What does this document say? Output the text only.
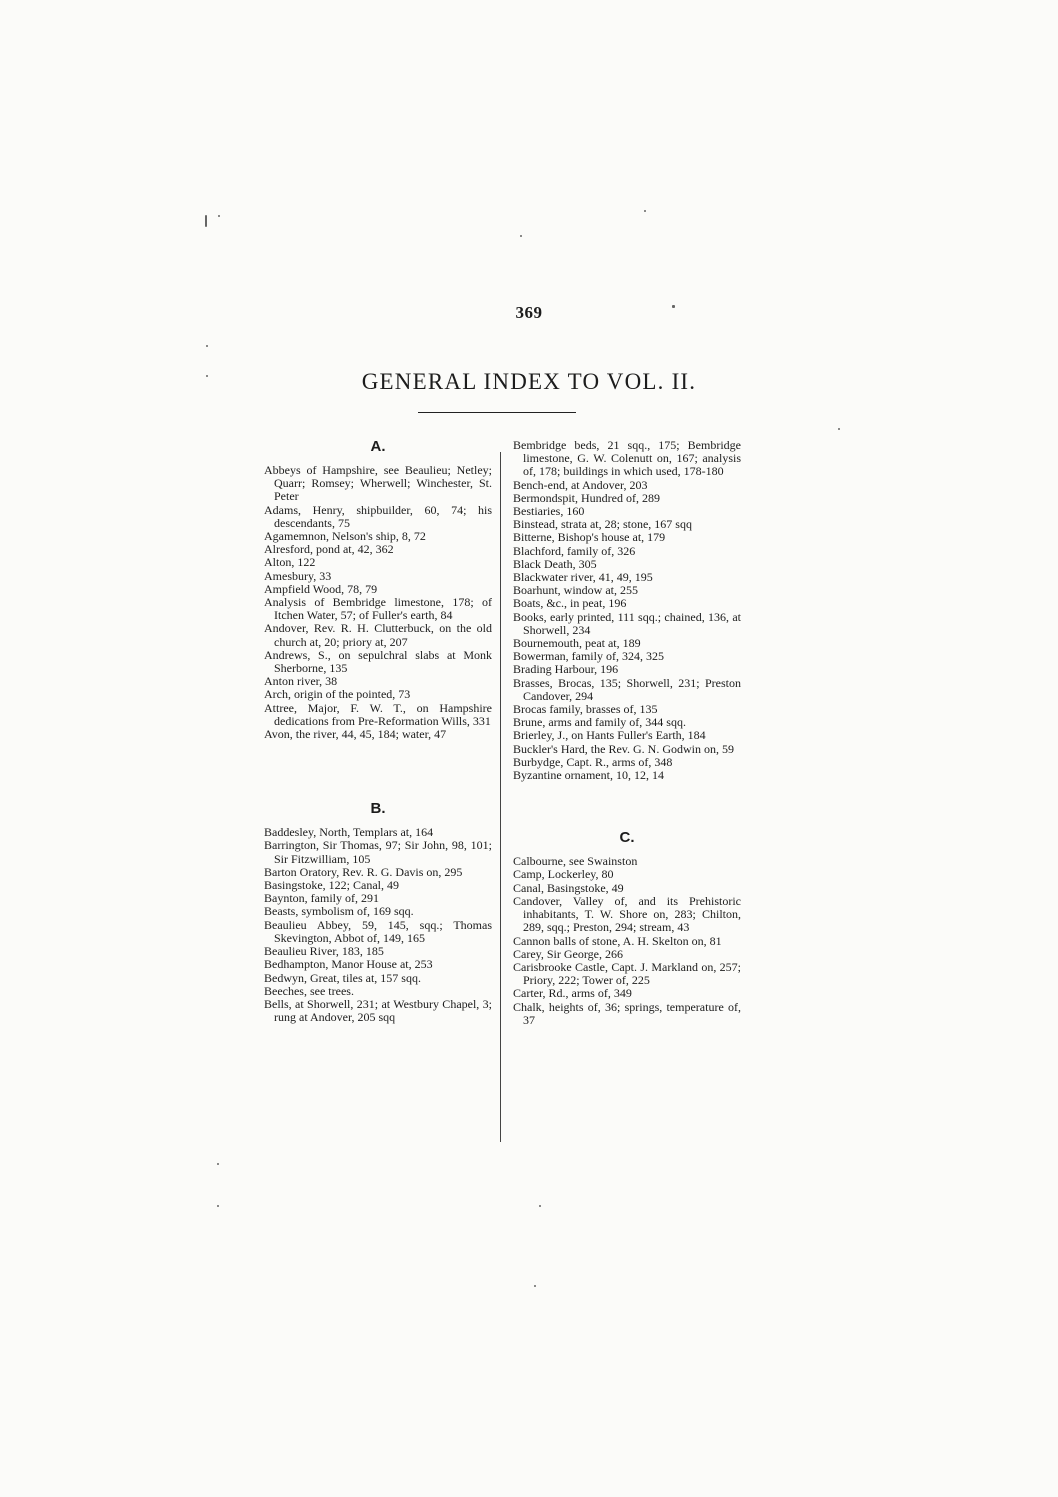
369
GENERAL INDEX TO VOL. II.
A.
Abbeys of Hampshire, see Beaulieu; Netley; Quarr; Romsey; Wherwell; Winchester, St. Peter
Adams, Henry, shipbuilder, 60, 74; his descendants, 75
Agamemnon, Nelson's ship, 8, 72
Alresford, pond at, 42, 362
Alton, 122
Amesbury, 33
Ampfield Wood, 78, 79
Analysis of Bembridge limestone, 178; of Itchen Water, 57; of Fuller's earth, 84
Andover, Rev. R. H. Clutterbuck, on the old church at, 20; priory at, 207
Andrews, S., on sepulchral slabs at Monk Sherborne, 135
Anton river, 38
Arch, origin of the pointed, 73
Attree, Major, F. W. T., on Hampshire dedications from Pre-Reformation Wills, 331
Avon, the river, 44, 45, 184; water, 47
B.
Baddesley, North, Templars at, 164
Barrington, Sir Thomas, 97; Sir John, 98, 101; Sir Fitzwilliam, 105
Barton Oratory, Rev. R. G. Davis on, 295
Basingstoke, 122; Canal, 49
Baynton, family of, 291
Beasts, symbolism of, 169 sqq.
Beaulieu Abbey, 59, 145, sqq.; Thomas Skevington, Abbot of, 149, 165
Beaulieu River, 183, 185
Bedhampton, Manor House at, 253
Bedwyn, Great, tiles at, 157 sqq.
Beeches, see trees.
Bells, at Shorwell, 231; at Westbury Chapel, 3; rung at Andover, 205 sqq
Bembridge beds, 21 sqq., 175; Bembridge limestone, G. W. Colenutt on, 167; analysis of, 178; buildings in which used, 178-180
Bench-end, at Andover, 203
Bermondspit, Hundred of, 289
Bestiaries, 160
Binstead, strata at, 28; stone, 167 sqq
Bitterne, Bishop's house at, 179
Blachford, family of, 326
Black Death, 305
Blackwater river, 41, 49, 195
Boarhunt, window at, 255
Boats, &c., in peat, 196
Books, early printed, 111 sqq.; chained, 136, at Shorwell, 234
Bournemouth, peat at, 189
Bowerman, family of, 324, 325
Brading Harbour, 196
Brasses, Brocas, 135; Shorwell, 231; Preston Candover, 294
Brocas family, brasses of, 135
Brune, arms and family of, 344 sqq.
Brierley, J., on Hants Fuller's Earth, 184
Buckler's Hard, the Rev. G. N. Godwin on, 59
Burbydge, Capt. R., arms of, 348
Byzantine ornament, 10, 12, 14
C.
Calbourne, see Swainston
Camp, Lockerley, 80
Canal, Basingstoke, 49
Candover, Valley of, and its Prehistoric inhabitants, T. W. Shore on, 283; Chilton, 289, sqq.; Preston, 294; stream, 43
Cannon balls of stone, A. H. Skelton on, 81
Carey, Sir George, 266
Carisbrooke Castle, Capt. J. Markland on, 257; Priory, 222; Tower of, 225
Carter, Rd., arms of, 349
Chalk, heights of, 36; springs, temperature of, 37
